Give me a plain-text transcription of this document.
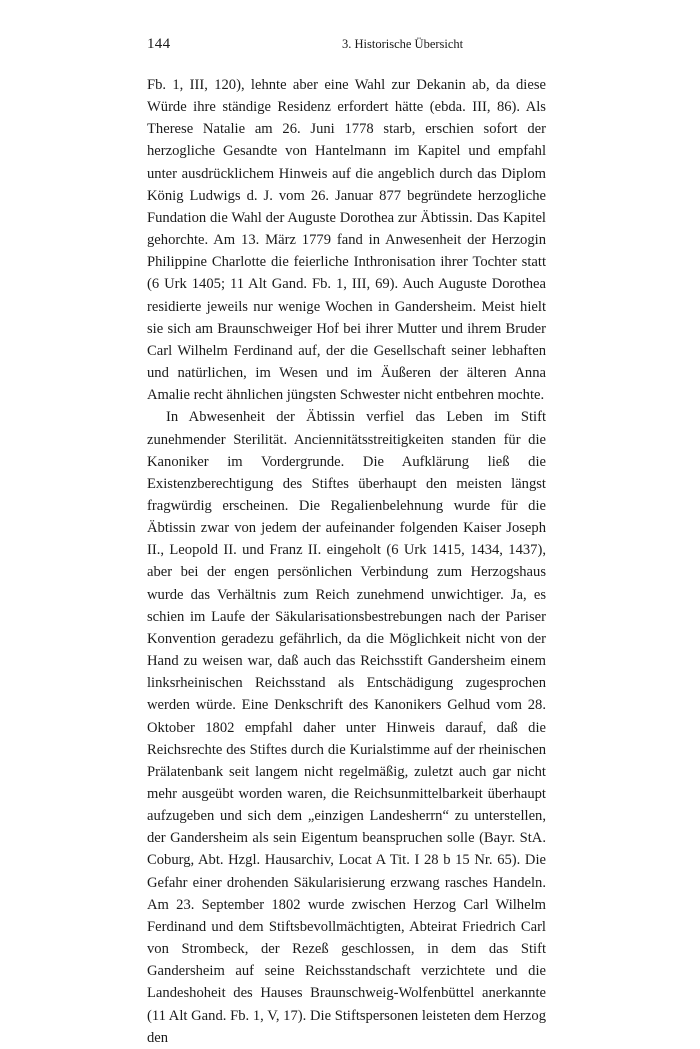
144	3. Historische Übersicht

Fb. 1, III, 120), lehnte aber eine Wahl zur Dekanin ab, da diese Würde ihre ständige Residenz erfordert hätte (ebda. III, 86). Als Therese Natalie am 26. Juni 1778 starb, erschien sofort der herzogliche Gesandte von Hantelmann im Kapitel und empfahl unter ausdrücklichem Hinweis auf die angeblich durch das Diplom König Ludwigs d. J. vom 26. Januar 877 begründete herzogliche Fundation die Wahl der Auguste Dorothea zur Äbtissin. Das Kapitel gehorchte. Am 13. März 1779 fand in Anwesenheit der Herzogin Philippine Charlotte die feierliche Inthronisation ihrer Tochter statt (6 Urk 1405; 11 Alt Gand. Fb. 1, III, 69). Auch Auguste Dorothea residierte jeweils nur wenige Wochen in Gandersheim. Meist hielt sie sich am Braunschweiger Hof bei ihrer Mutter und ihrem Bruder Carl Wilhelm Ferdinand auf, der die Gesellschaft seiner lebhaften und natürlichen, im Wesen und im Äußeren der älteren Anna Amalie recht ähnlichen jüngsten Schwester nicht entbehren mochte.

In Abwesenheit der Äbtissin verfiel das Leben im Stift zunehmender Sterilität. Anciennitätsstreitigkeiten standen für die Kanoniker im Vordergrunde. Die Aufklärung ließ die Existenzberechtigung des Stiftes überhaupt den meisten längst fragwürdig erscheinen. Die Regalienbelehnung wurde für die Äbtissin zwar von jedem der aufeinander folgenden Kaiser Joseph II., Leopold II. und Franz II. eingeholt (6 Urk 1415, 1434, 1437), aber bei der engen persönlichen Verbindung zum Herzogshaus wurde das Verhältnis zum Reich zunehmend unwichtiger. Ja, es schien im Laufe der Säkularisationsbestrebungen nach der Pariser Konvention geradezu gefährlich, da die Möglichkeit nicht von der Hand zu weisen war, daß auch das Reichsstift Gandersheim einem linksrheinischen Reichsstand als Entschädigung zugesprochen werden würde. Eine Denkschrift des Kanonikers Gelhud vom 28. Oktober 1802 empfahl daher unter Hinweis darauf, daß die Reichsrechte des Stiftes durch die Kurialstimme auf der rheinischen Prälatenbank seit langem nicht regelmäßig, zuletzt auch gar nicht mehr ausgeübt worden waren, die Reichsunmittelbarkeit überhaupt aufzugeben und sich dem „einzigen Landesherrn“ zu unterstellen, der Gandersheim als sein Eigentum beanspruchen solle (Bayr. StA. Coburg, Abt. Hzgl. Hausarchiv, Locat A Tit. I 28 b 15 Nr. 65). Die Gefahr einer drohenden Säkularisierung erzwang rasches Handeln. Am 23. September 1802 wurde zwischen Herzog Carl Wilhelm Ferdinand und dem Stiftsbevollmächtigten, Abteirat Friedrich Carl von Strombeck, der Rezeß geschlossen, in dem das Stift Gandersheim auf seine Reichsstandschaft verzichtete und die Landeshoheit des Hauses Braunschweig-Wolfenbüttel anerkannte (11 Alt Gand. Fb. 1, V, 17). Die Stiftspersonen leisteten dem Herzog den
